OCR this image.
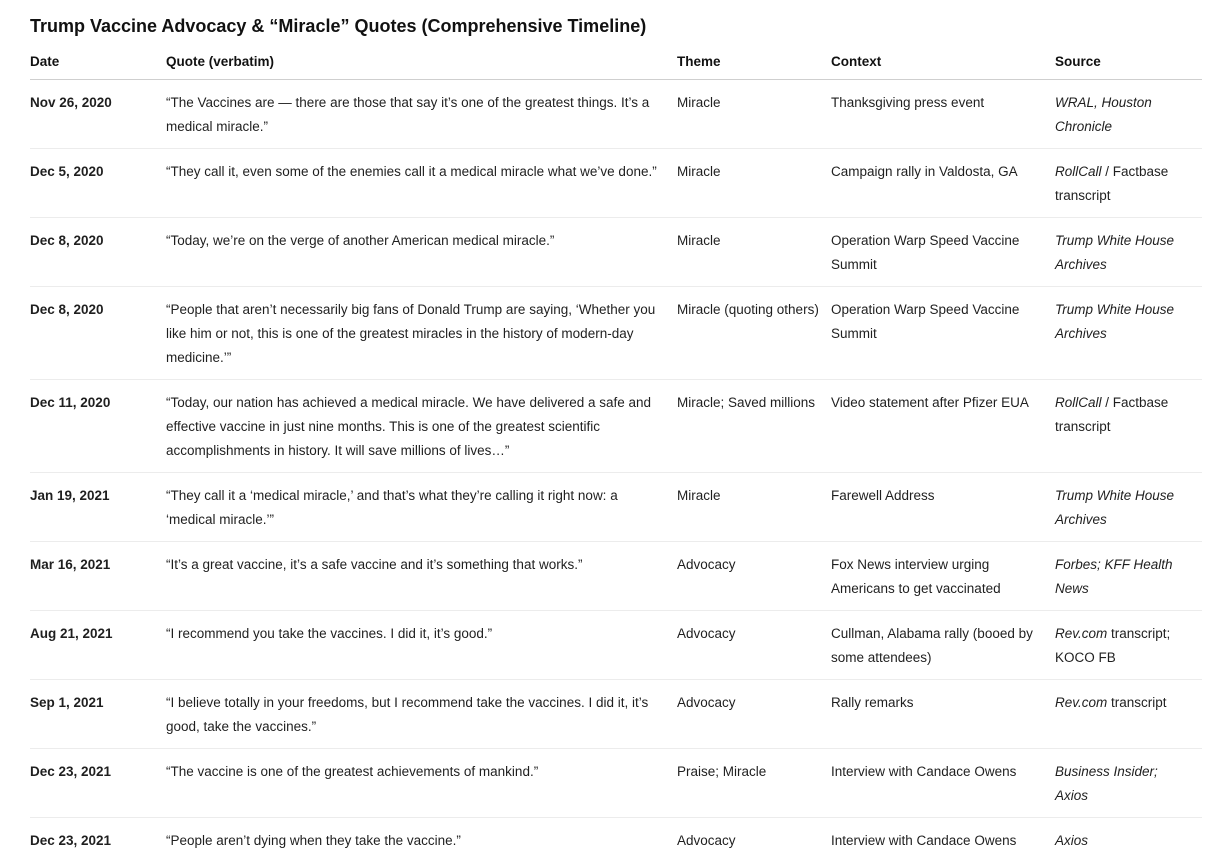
Trump Vaccine Advocacy & “Miracle” Quotes (Comprehensive Timeline)
Date	Quote (verbatim)	Theme	Context	Source
Nov 26, 2020	“The Vaccines are — there are those that say it’s one of the greatest things. It’s a medical miracle.”	Miracle	Thanksgiving press event	WRAL, Houston Chronicle
Dec 5, 2020	“They call it, even some of the enemies call it a medical miracle what we’ve done.”	Miracle	Campaign rally in Valdosta, GA	RollCall / Factbase transcript
Dec 8, 2020	“Today, we’re on the verge of another American medical miracle.”	Miracle	Operation Warp Speed Vaccine Summit	Trump White House Archives
Dec 8, 2020	“People that aren’t necessarily big fans of Donald Trump are saying, ‘Whether you like him or not, this is one of the greatest miracles in the history of modern-day medicine.’”	Miracle (quoting others)	Operation Warp Speed Vaccine Summit	Trump White House Archives
Dec 11, 2020	“Today, our nation has achieved a medical miracle. We have delivered a safe and effective vaccine in just nine months. This is one of the greatest scientific accomplishments in history. It will save millions of lives…”	Miracle; Saved millions	Video statement after Pfizer EUA	RollCall / Factbase transcript
Jan 19, 2021	“They call it a ‘medical miracle,’ and that’s what they’re calling it right now: a ‘medical miracle.’”	Miracle	Farewell Address	Trump White House Archives
Mar 16, 2021	“It’s a great vaccine, it’s a safe vaccine and it’s something that works.”	Advocacy	Fox News interview urging Americans to get vaccinated	Forbes; KFF Health News
Aug 21, 2021	“I recommend you take the vaccines. I did it, it’s good.”	Advocacy	Cullman, Alabama rally (booed by some attendees)	Rev.com transcript; KOCO FB
Sep 1, 2021	“I believe totally in your freedoms, but I recommend take the vaccines. I did it, it’s good, take the vaccines.”	Advocacy	Rally remarks	Rev.com transcript
Dec 23, 2021	“The vaccine is one of the greatest achievements of mankind.”	Praise; Miracle	Interview with Candace Owens	Business Insider; Axios
Dec 23, 2021	“People aren’t dying when they take the vaccine.”	Advocacy	Interview with Candace Owens	Axios
